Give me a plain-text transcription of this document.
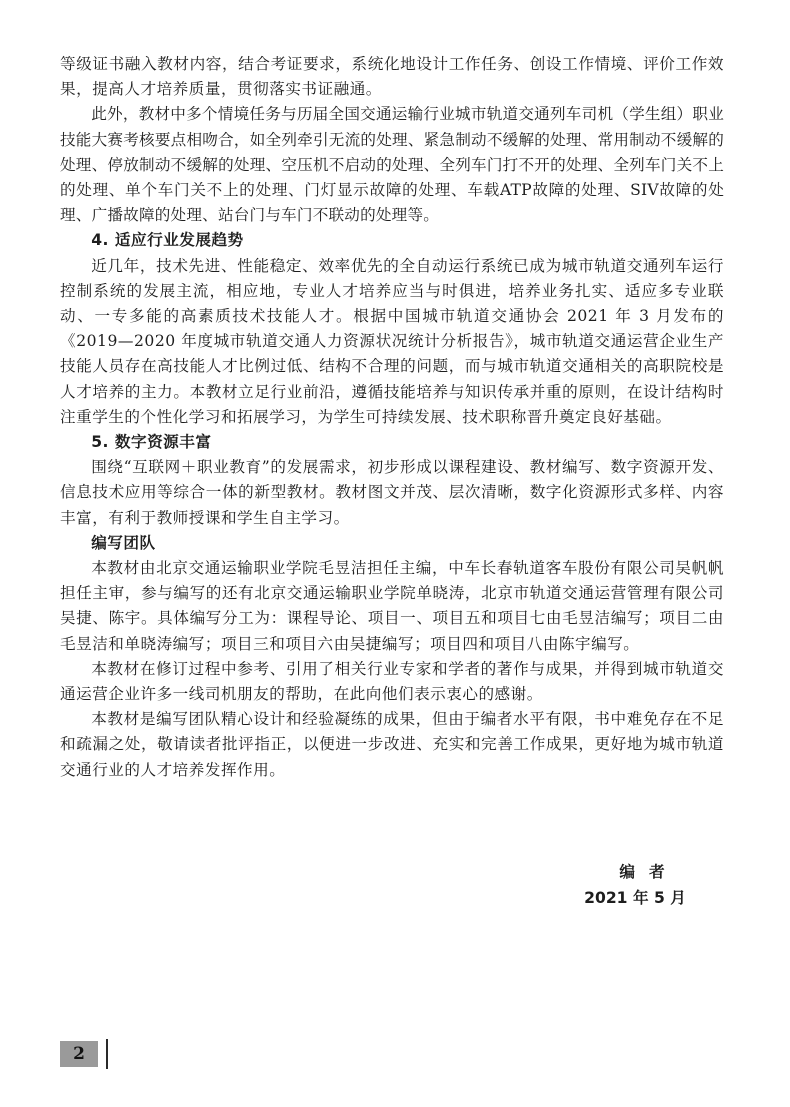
等级证书融入教材内容，结合考证要求，系统化地设计工作任务、创设工作情境、评价工作效果，提高人才培养质量，贯彻落实书证融通。

此外，教材中多个情境任务与历届全国交通运输行业城市轨道交通列车司机（学生组）职业技能大赛考核要点相吻合，如全列牵引无流的处理、紧急制动不缓解的处理、常用制动不缓解的处理、停放制动不缓解的处理、空压机不启动的处理、全列车门打不开的处理、全列车门关不上的处理、单个车门关不上的处理、门灯显示故障的处理、车载ATP故障的处理、SIV故障的处理、广播故障的处理、站台门与车门不联动的处理等。

4. 适应行业发展趋势

近几年，技术先进、性能稳定、效率优先的全自动运行系统已成为城市轨道交通列车运行控制系统的发展主流，相应地，专业人才培养应当与时俱进，培养业务扎实、适应多专业联动、一专多能的高素质技术技能人才。根据中国城市轨道交通协会 2021 年 3 月发布的《2019—2020 年度城市轨道交通人力资源状况统计分析报告》，城市轨道交通运营企业生产技能人员存在高技能人才比例过低、结构不合理的问题，而与城市轨道交通相关的高职院校是人才培养的主力。本教材立足行业前沿，遵循技能培养与知识传承并重的原则，在设计结构时注重学生的个性化学习和拓展学习，为学生可持续发展、技术职称晋升奠定良好基础。

5. 数字资源丰富

围绕“互联网＋职业教育”的发展需求，初步形成以课程建设、教材编写、数字资源开发、信息技术应用等综合一体的新型教材。教材图文并茂、层次清晰，数字化资源形式多样、内容丰富，有利于教师授课和学生自主学习。

编写团队

本教材由北京交通运输职业学院毛昱洁担任主编，中车长春轨道客车股份有限公司吴帆帆担任主审，参与编写的还有北京交通运输职业学院单晓涛，北京市轨道交通运营管理有限公司吴捷、陈宇。具体编写分工为：课程导论、项目一、项目五和项目七由毛昱洁编写；项目二由毛昱洁和单晓涛编写；项目三和项目六由吴捷编写；项目四和项目八由陈宇编写。

本教材在修订过程中参考、引用了相关行业专家和学者的著作与成果，并得到城市轨道交通运营企业许多一线司机朋友的帮助，在此向他们表示衷心的感谢。

本教材是编写团队精心设计和经验凝练的成果，但由于编者水平有限，书中难免存在不足和疏漏之处，敬请读者批评指正，以便进一步改进、充实和完善工作成果，更好地为城市轨道交通行业的人才培养发挥作用。

编者
2021 年 5 月
2
